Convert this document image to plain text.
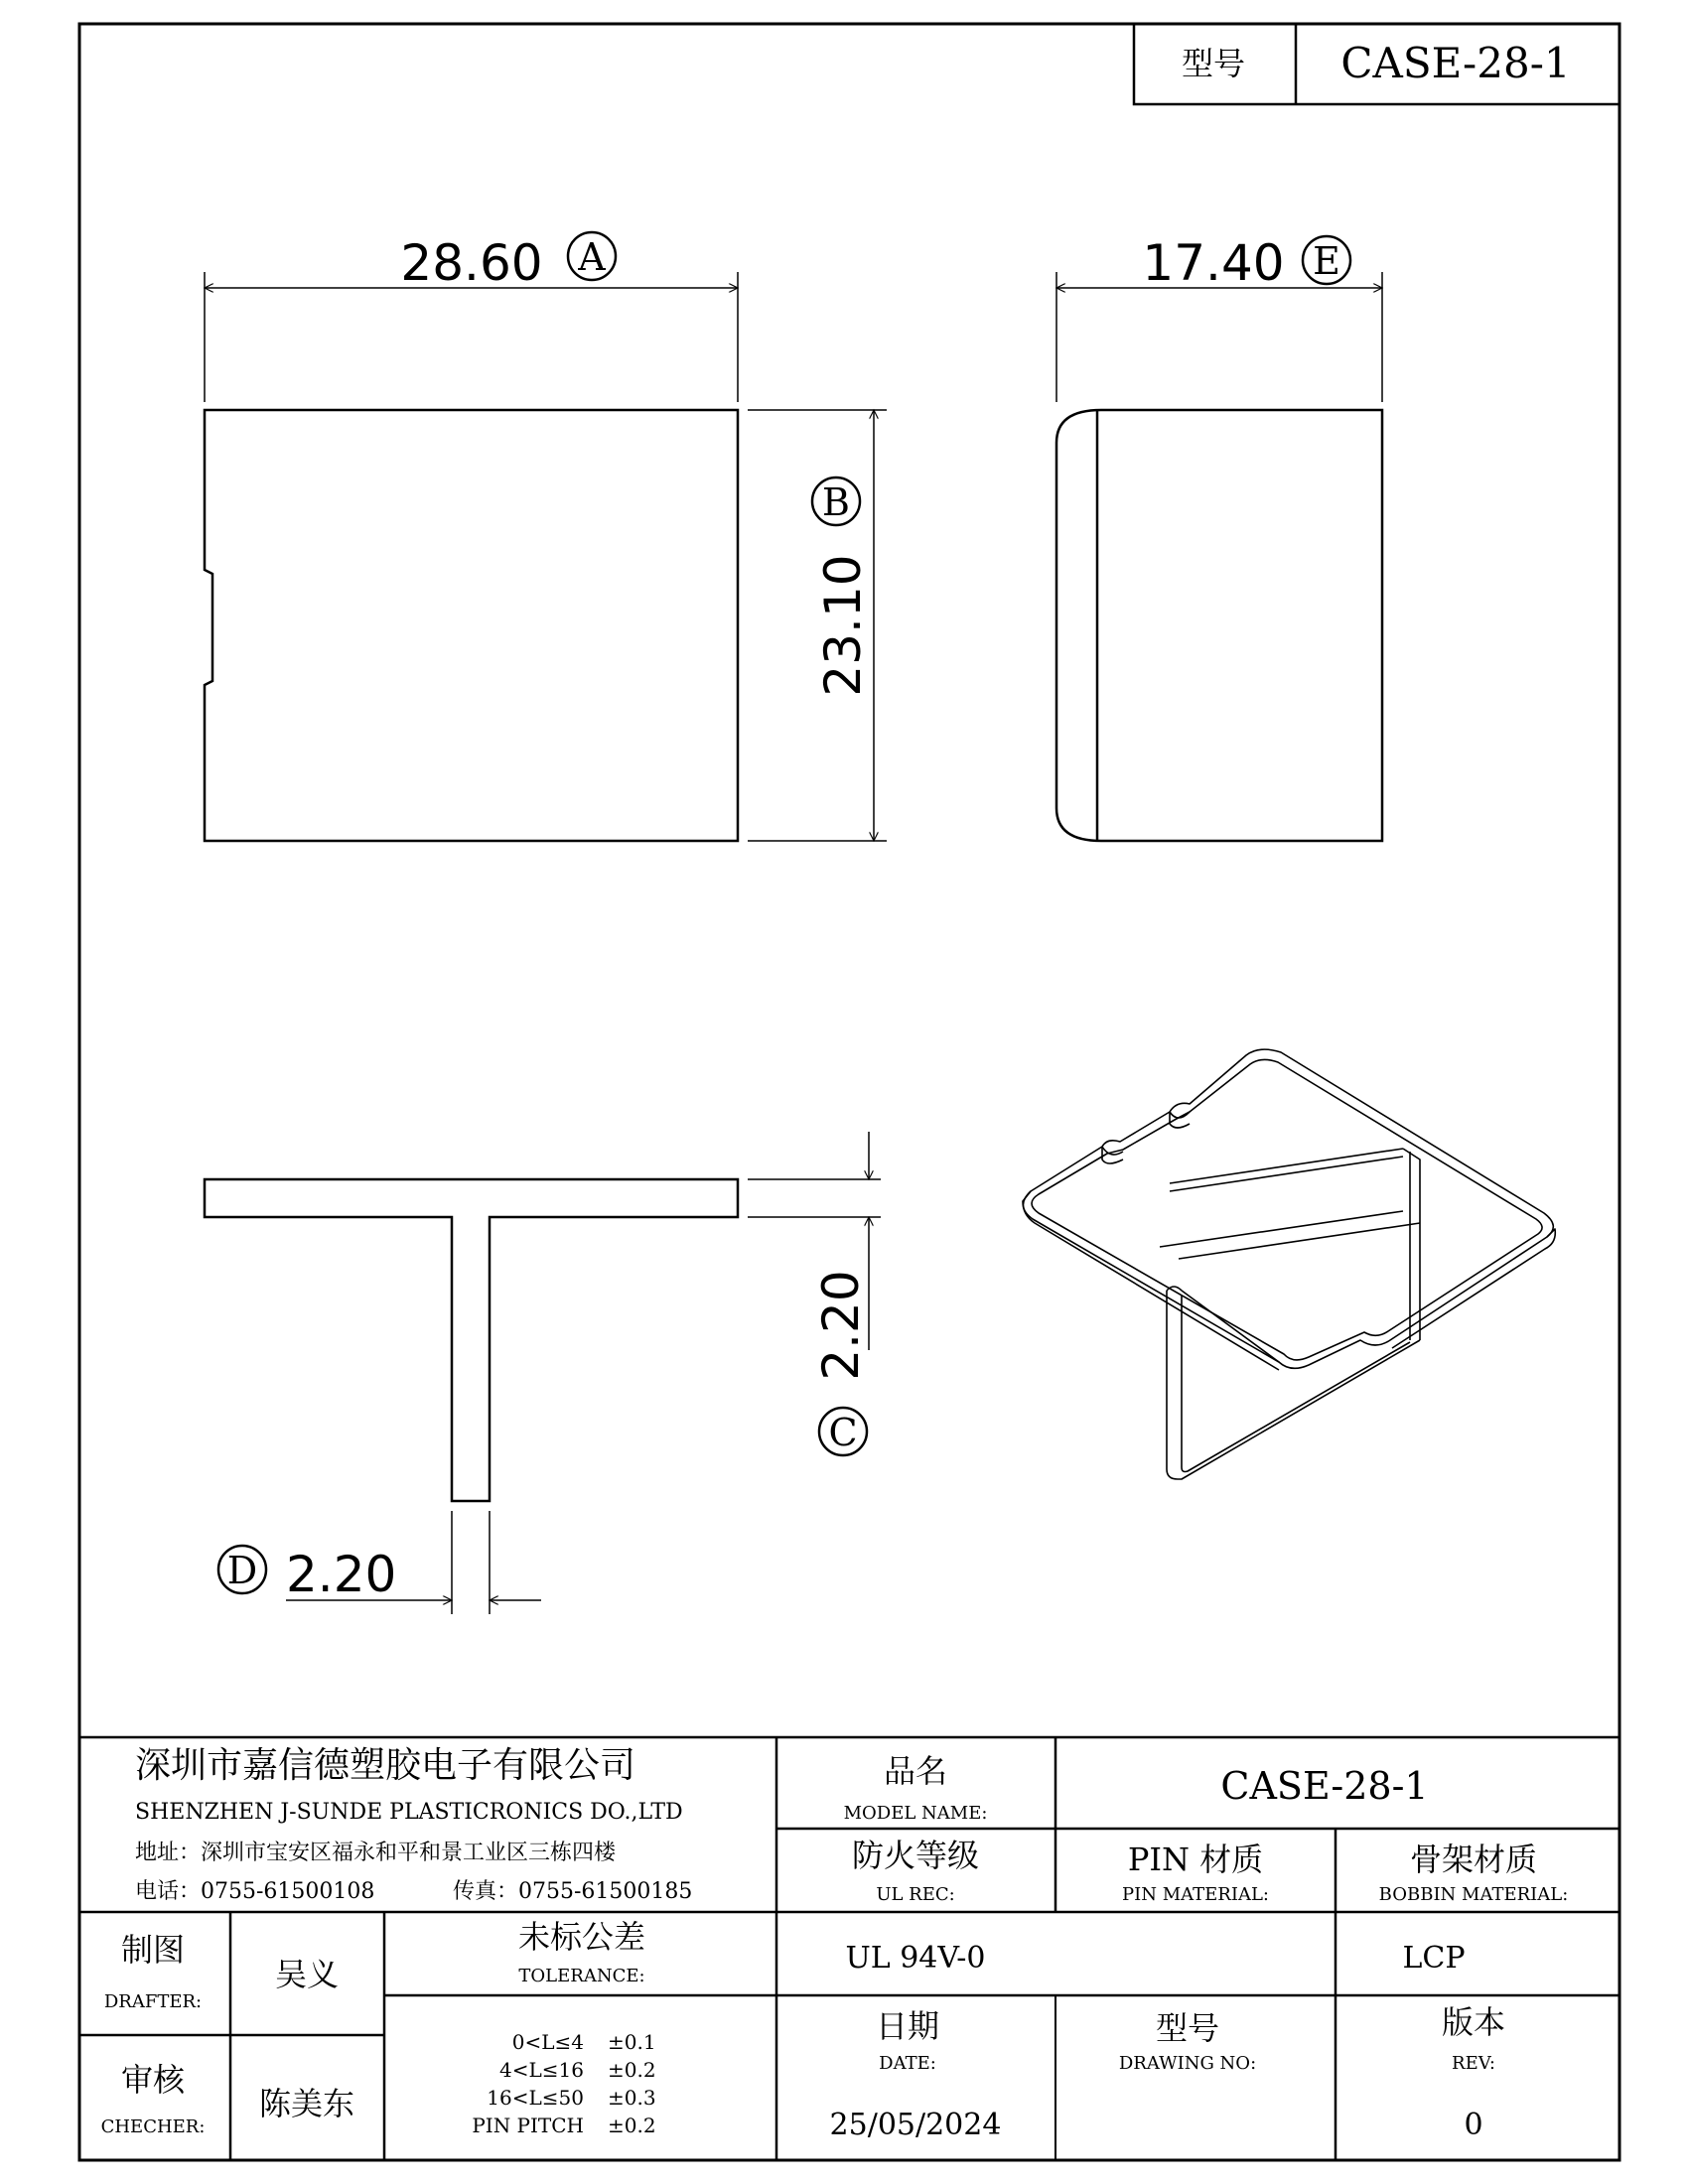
型号 CASE-28-1
28.60 A
23.10
B
17.40 E
2.20
C
D 2.20
深圳市嘉信德塑胶电子有限公司
SHENZHEN J-SUNDE PLASTICRONICS DO.,LTD
地址：深圳市宝安区福永和平和景工业区三栋四楼
电话：0755-61500108	传真：0755-61500185
品名
MODEL NAME:
CASE-28-1
防火等级
UL REC:
PIN 材质
PIN MATERIAL:
骨架材质
BOBBIN MATERIAL:
UL 94V-0	LCP
制图
DRAFTER:
吴义
审核
CHECHER:
陈美东
未标公差
TOLERANCE:
0<L≤4 ±0.1
4<L≤16 ±0.2
16<L≤50 ±0.3
PIN PITCH ±0.2
日期
DATE:
25/05/2024
型号
DRAWING NO:
版本
REV:
0
